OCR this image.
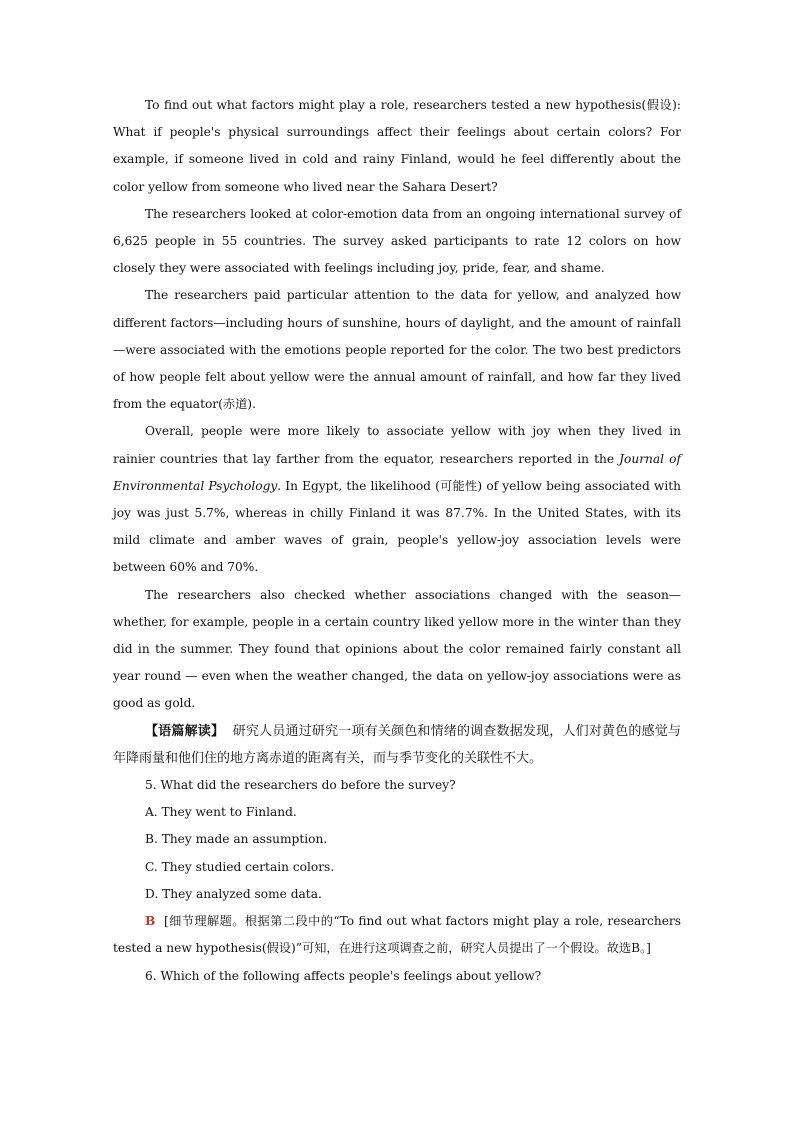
To find out what factors might play a role, researchers tested a new hypothesis(假设): What if people's physical surroundings affect their feelings about certain colors? For example, if someone lived in cold and rainy Finland, would he feel differently about the color yellow from someone who lived near the Sahara Desert?

The researchers looked at color-emotion data from an ongoing international survey of 6,625 people in 55 countries. The survey asked participants to rate 12 colors on how closely they were associated with feelings including joy, pride, fear, and shame.

The researchers paid particular attention to the data for yellow, and analyzed how different factors—including hours of sunshine, hours of daylight, and the amount of rainfall—were associated with the emotions people reported for the color. The two best predictors of how people felt about yellow were the annual amount of rainfall, and how far they lived from the equator(赤道).

Overall, people were more likely to associate yellow with joy when they lived in rainier countries that lay farther from the equator, researchers reported in the Journal of Environmental Psychology. In Egypt, the likelihood (可能性) of yellow being associated with joy was just 5.7%, whereas in chilly Finland it was 87.7%. In the United States, with its mild climate and amber waves of grain, people's yellow-joy association levels were between 60% and 70%.

The researchers also checked whether associations changed with the season—whether, for example, people in a certain country liked yellow more in the winter than they did in the summer. They found that opinions about the color remained fairly constant all year round — even when the weather changed, the data on yellow-joy associations were as good as gold.

【语篇解读】 研究人员通过研究一项有关颜色和情绪的调查数据发现，人们对黄色的感觉与年降雨量和他们住的地方离赤道的距离有关，而与季节变化的关联性不大。

5. What did the researchers do before the survey?

A. They went to Finland.

B. They made an assumption.

C. They studied certain colors.

D. They analyzed some data.

B [细节理解题。根据第二段中的“To find out what factors might play a role, researchers tested a new hypothesis(假设)”可知，在进行这项调查之前，研究人员提出了一个假设。故选B。]

6. Which of the following affects people's feelings about yellow?
